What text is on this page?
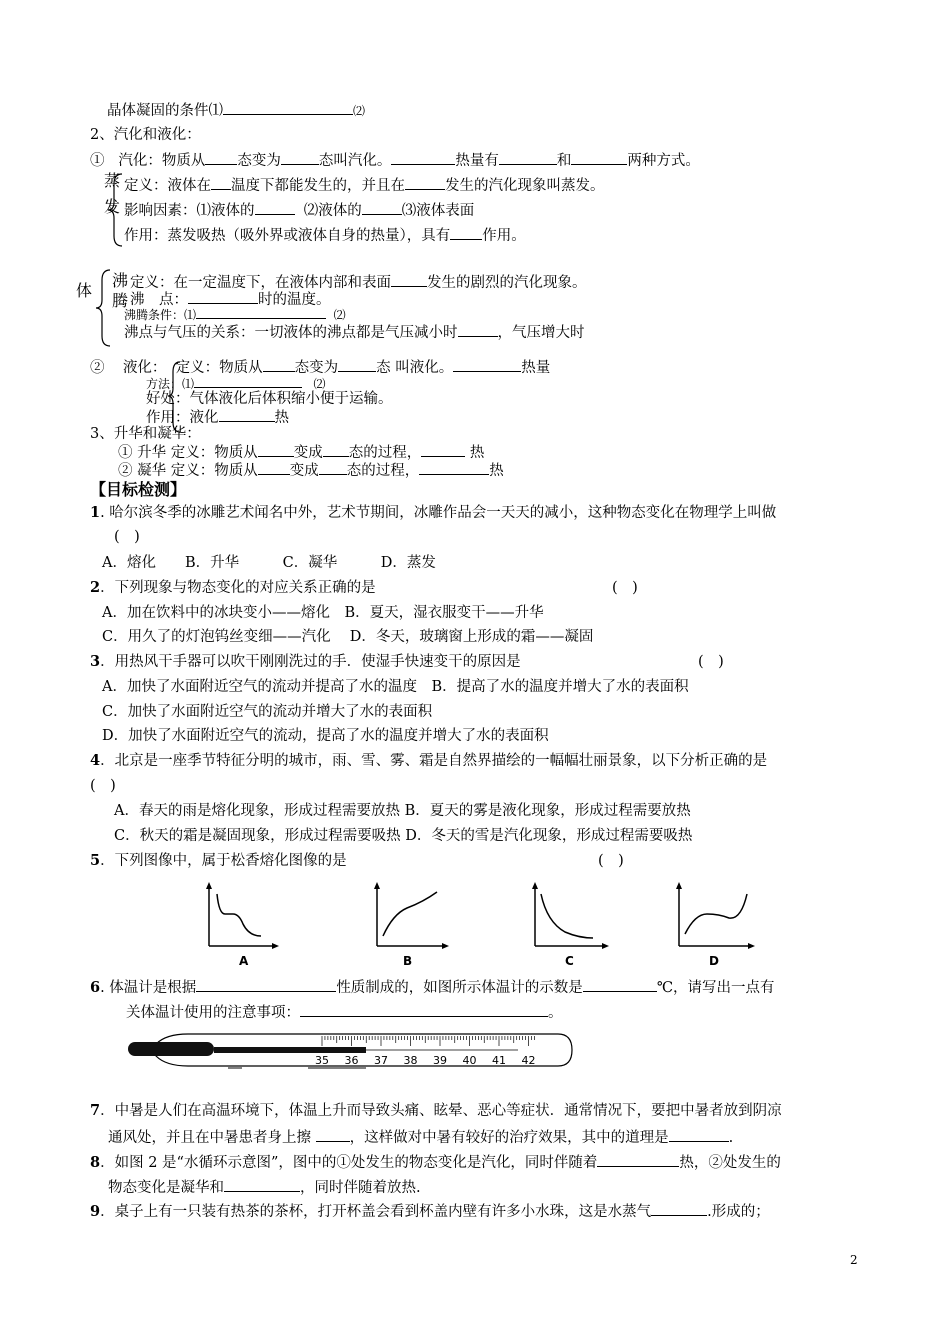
晶体凝固的条件⑴	⑵
2、汽化和液化：
① 汽化：物质从 态变为	态叫汽化。	热量有	和	两种方式。
蒸
发
定义：液体在 温度下都能发生的，并且在	发生的汽化现象叫蒸发。
影响因素：⑴液体的	⑵液体的	⑶液体表面
作用：蒸发吸热（吸外界或液体自身的热量），具有 作用。
体
沸
腾
定义：在一定温度下，在液体内部和表面 发生的剧烈的汽化现象。
沸　点：	时的温度。
沸腾条件：⑴	⑵
沸点与气压的关系：一切液体的沸点都是气压减小时	，气压增大时
② 液化： 定义：物质从 态变为	态 叫液化。	热量
方法：⑴	⑵
好处：气体液化后体积缩小便于运输。
作用：液化	热
3、升华和凝华：
① 升华 定义：物质从 变成 态的过程，	热
② 凝华 定义：物质从 变成 态的过程，	热
【目标检测】
1. 哈尔滨冬季的冰雕艺术闻名中外，艺术节期间，冰雕作品会一天天的减小，这种物态变化在物理学上叫做
(　)
A．熔化　　B．升华　　　C．凝华　　　D．蒸发
2．下列现象与物态变化的对应关系正确的是	(　)
A．加在饮料中的冰块变小——熔化　B．夏天，湿衣服变干——升华
C．用久了的灯泡钨丝变细——汽化　 D．冬天，玻璃窗上形成的霜——凝固
3．用热风干手器可以吹干刚刚洗过的手．使湿手快速变干的原因是	(　)
A．加快了水面附近空气的流动并提高了水的温度　B．提高了水的温度并增大了水的表面积
C．加快了水面附近空气的流动并增大了水的表面积
D．加快了水面附近空气的流动，提高了水的温度并增大了水的表面积
4．北京是一座季节特征分明的城市，雨、雪、雾、霜是自然界描绘的一幅幅壮丽景象，以下分析正确的是
(　)
A．春天的雨是熔化现象，形成过程需要放热 B．夏天的雾是液化现象，形成过程需要放热
C．秋天的霜是凝固现象，形成过程需要吸热 D．冬天的雪是汽化现象，形成过程需要吸热
5．下列图像中，属于松香熔化图像的是	(　)
A	B	C	D
6. 体温计是根据	性质制成的，如图所示体温计的示数是	℃，请写出一点有
关体温计使用的注意事项：	。
35 36 37 38 39 40 41 42
7．中暑是人们在高温环境下，体温上升而导致头痛、眩晕、恶心等症状．通常情况下，要把中暑者放到阴凉
通风处，并且在中暑患者身上擦	，这样做对中暑有较好的治疗效果，其中的道理是	.
8．如图 2 是“水循环示意图”，图中的①处发生的物态变化是汽化，同时伴随着	热，②处发生的
物态变化是凝华和	，同时伴随着放热.
9．桌子上有一只装有热茶的茶杯，打开杯盖会看到杯盖内壁有许多小水珠，这是水蒸气	.形成的；
2
